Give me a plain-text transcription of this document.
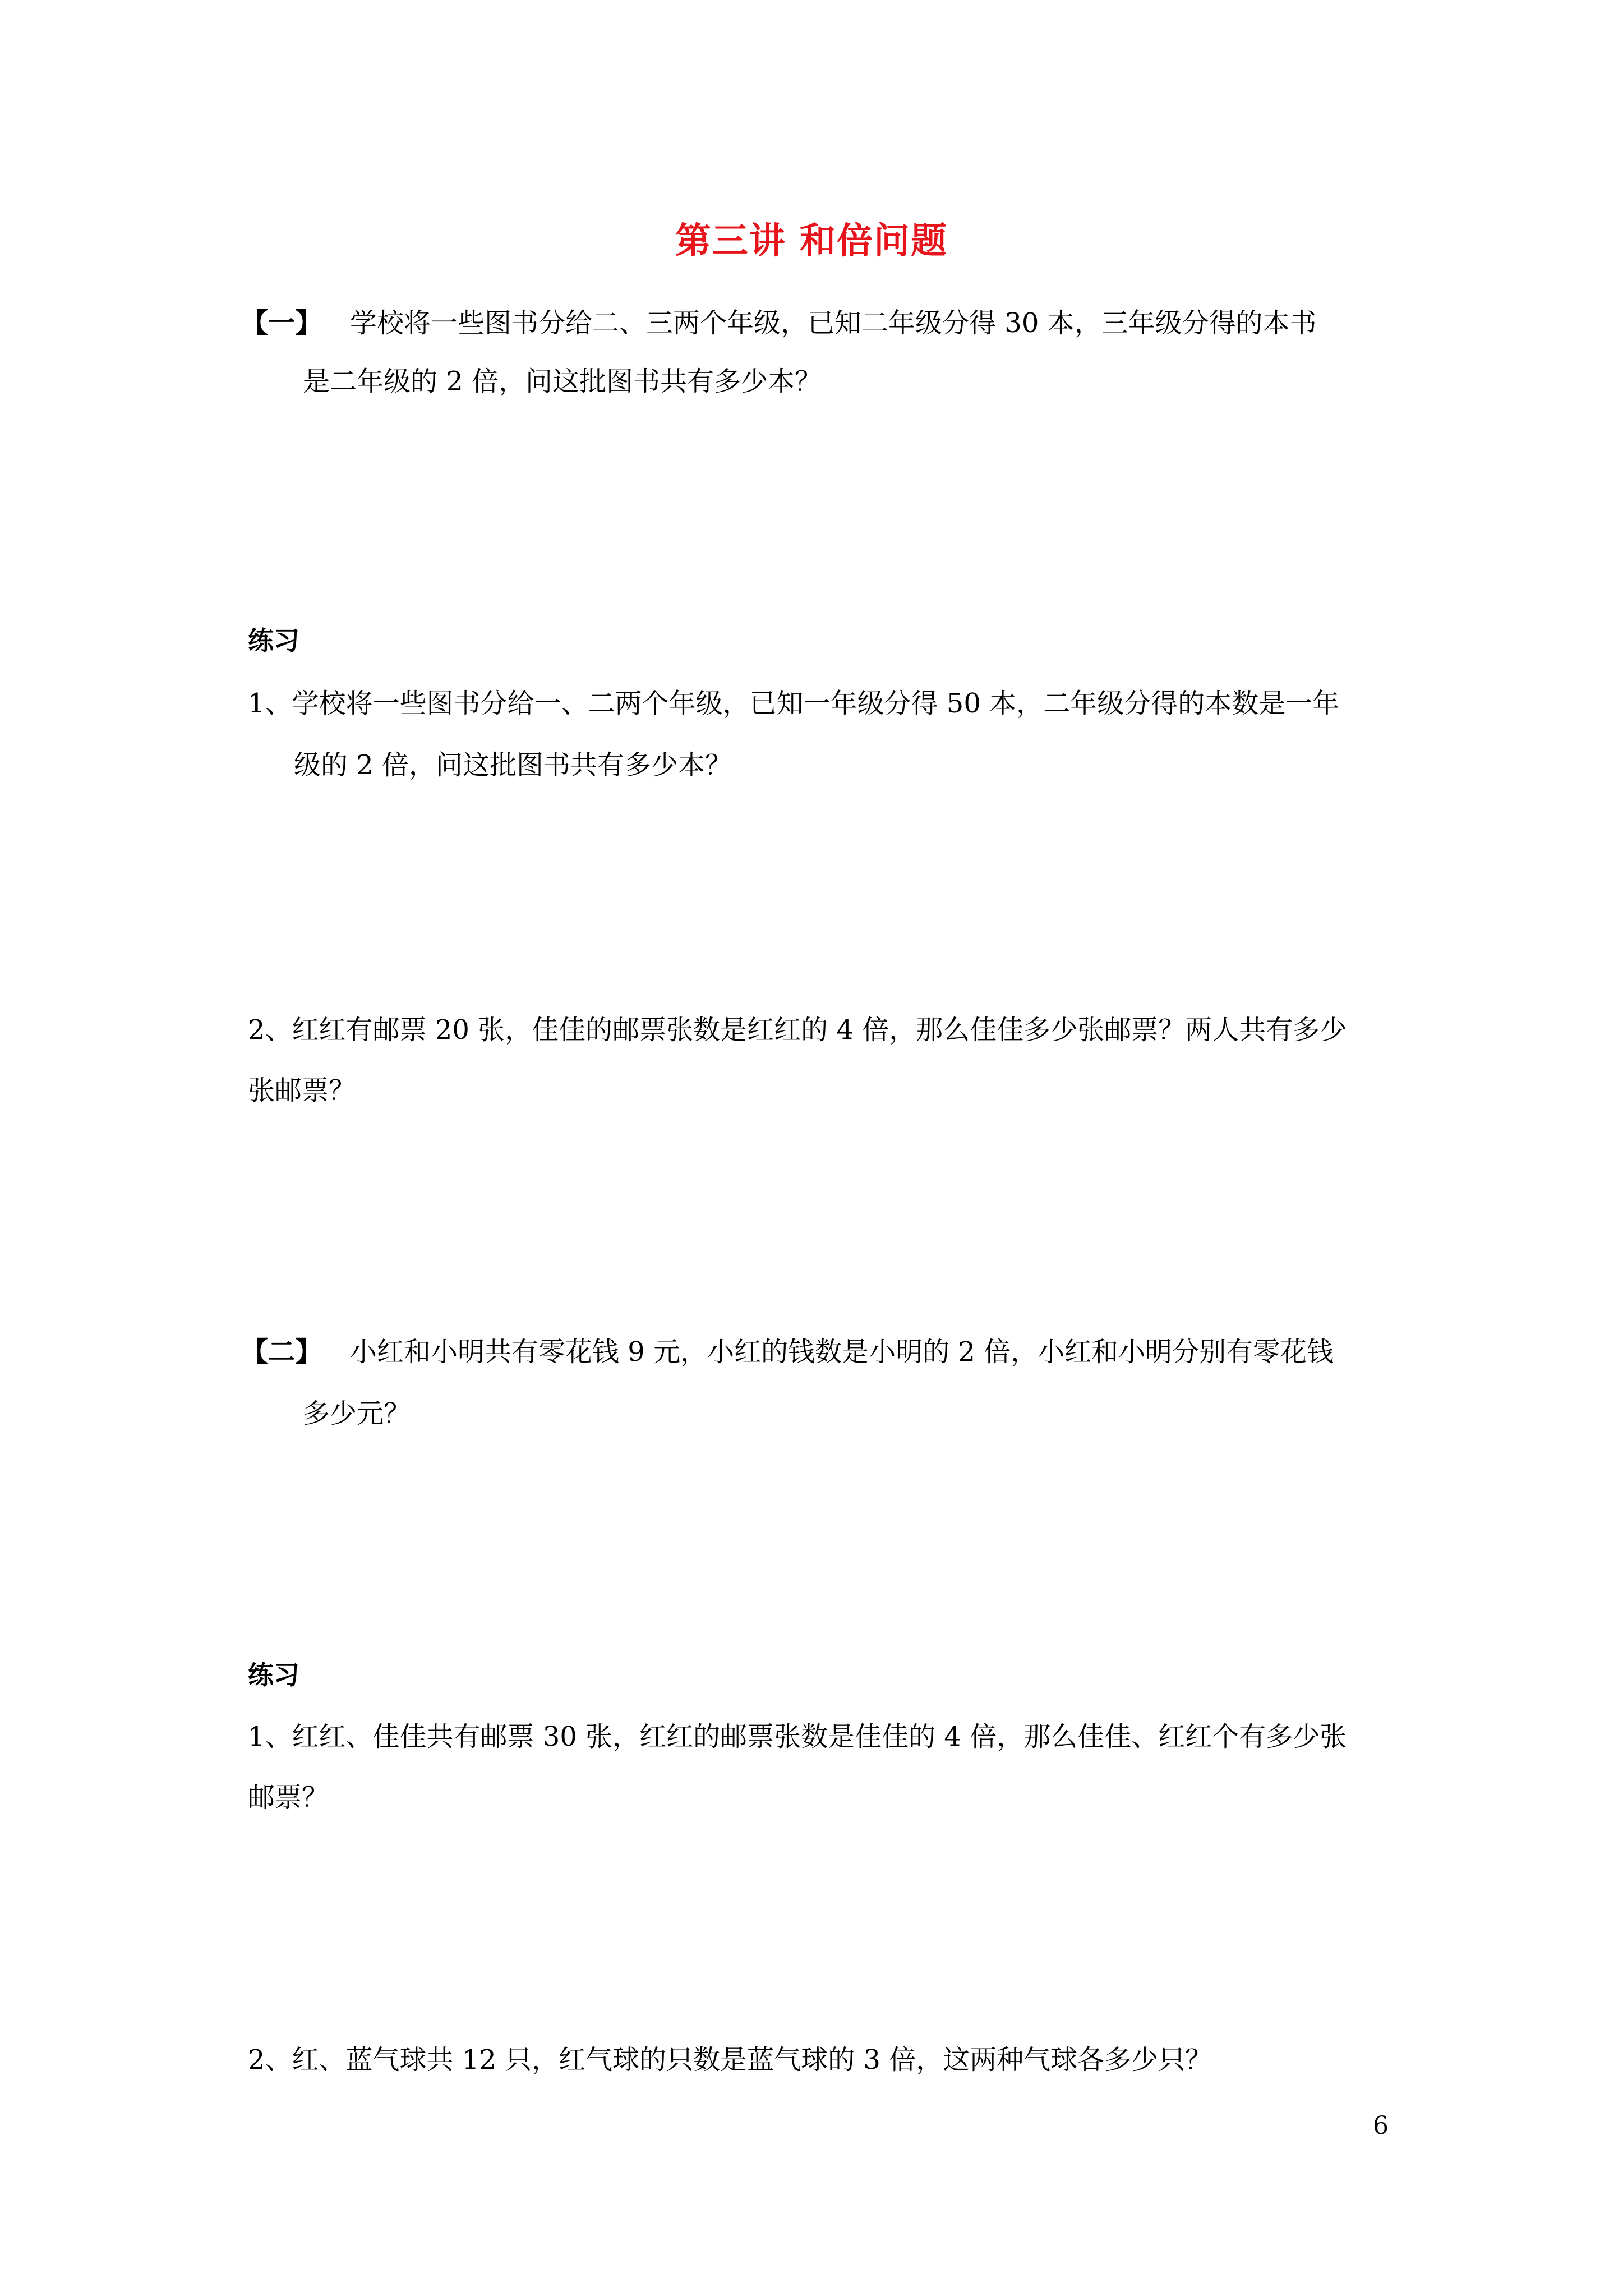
第三讲 和倍问题
【一】 学校将一些图书分给二、三两个年级，已知二年级分得 30 本，三年级分得的本书
是二年级的 2 倍，问这批图书共有多少本？
练习
1、学校将一些图书分给一、二两个年级，已知一年级分得 50 本，二年级分得的本数是一年
级的 2 倍，问这批图书共有多少本？
2、红红有邮票 20 张，佳佳的邮票张数是红红的 4 倍，那么佳佳多少张邮票？两人共有多少
张邮票？
【二】 小红和小明共有零花钱 9 元，小红的钱数是小明的 2 倍，小红和小明分别有零花钱
多少元？
练习
1、红红、佳佳共有邮票 30 张，红红的邮票张数是佳佳的 4 倍，那么佳佳、红红个有多少张
邮票？
2、红、蓝气球共 12 只，红气球的只数是蓝气球的 3 倍，这两种气球各多少只？
6
